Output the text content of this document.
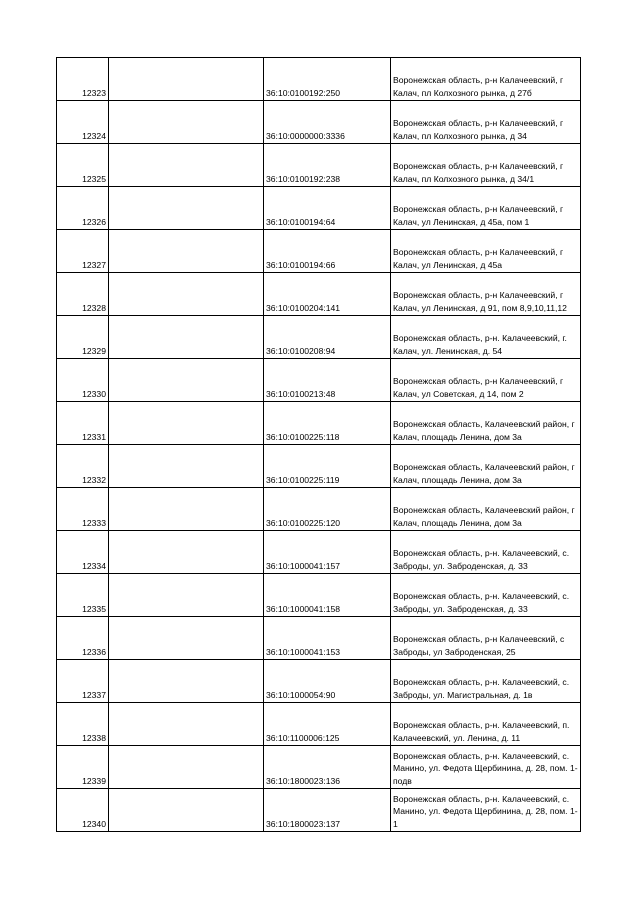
12323		36:10:0100192:250	Воронежская область, р-н Калачеевский, г Калач, пл Колхозного рынка, д 27б
12324		36:10:0000000:3336	Воронежская область, р-н Калачеевский, г Калач, пл Колхозного рынка, д 34
12325		36:10:0100192:238	Воронежская область, р-н Калачеевский, г Калач, пл Колхозного рынка, д 34/1
12326		36:10:0100194:64	Воронежская область, р-н Калачеевский, г Калач, ул Ленинская, д 45а, пом 1
12327		36:10:0100194:66	Воронежская область, р-н Калачеевский, г Калач, ул Ленинская, д 45а
12328		36:10:0100204:141	Воронежская область, р-н Калачеевский, г Калач, ул Ленинская, д 91, пом 8,9,10,11,12
12329		36:10:0100208:94	Воронежская область, р-н. Калачеевский, г. Калач, ул. Ленинская, д. 54
12330		36:10:0100213:48	Воронежская область, р-н Калачеевский, г Калач, ул Советская, д 14, пом 2
12331		36:10:0100225:118	Воронежская область, Калачеевский район, г Калач, площадь Ленина, дом 3а
12332		36:10:0100225:119	Воронежская область, Калачеевский район, г Калач, площадь Ленина, дом 3а
12333		36:10:0100225:120	Воронежская область, Калачеевский район, г Калач, площадь Ленина, дом 3а
12334		36:10:1000041:157	Воронежская область, р-н. Калачеевский, с. Заброды, ул. Заброденская, д. 33
12335		36:10:1000041:158	Воронежская область, р-н. Калачеевский, с. Заброды, ул. Заброденская, д. 33
12336		36:10:1000041:153	Воронежская область, р-н Калачеевский, с Заброды, ул Заброденская, 25
12337		36:10:1000054:90	Воронежская область, р-н. Калачеевский, с. Заброды, ул. Магистральная, д. 1в
12338		36:10:1100006:125	Воронежская область, р-н. Калачеевский, п. Калачеевский, ул. Ленина, д. 11
12339		36:10:1800023:136	Воронежская область, р-н. Калачеевский, с. Манино, ул. Федота Щербинина, д. 28, пом. 1-подв
12340		36:10:1800023:137	Воронежская область, р-н. Калачеевский, с. Манино, ул. Федота Щербинина, д. 28, пом. 1-1
